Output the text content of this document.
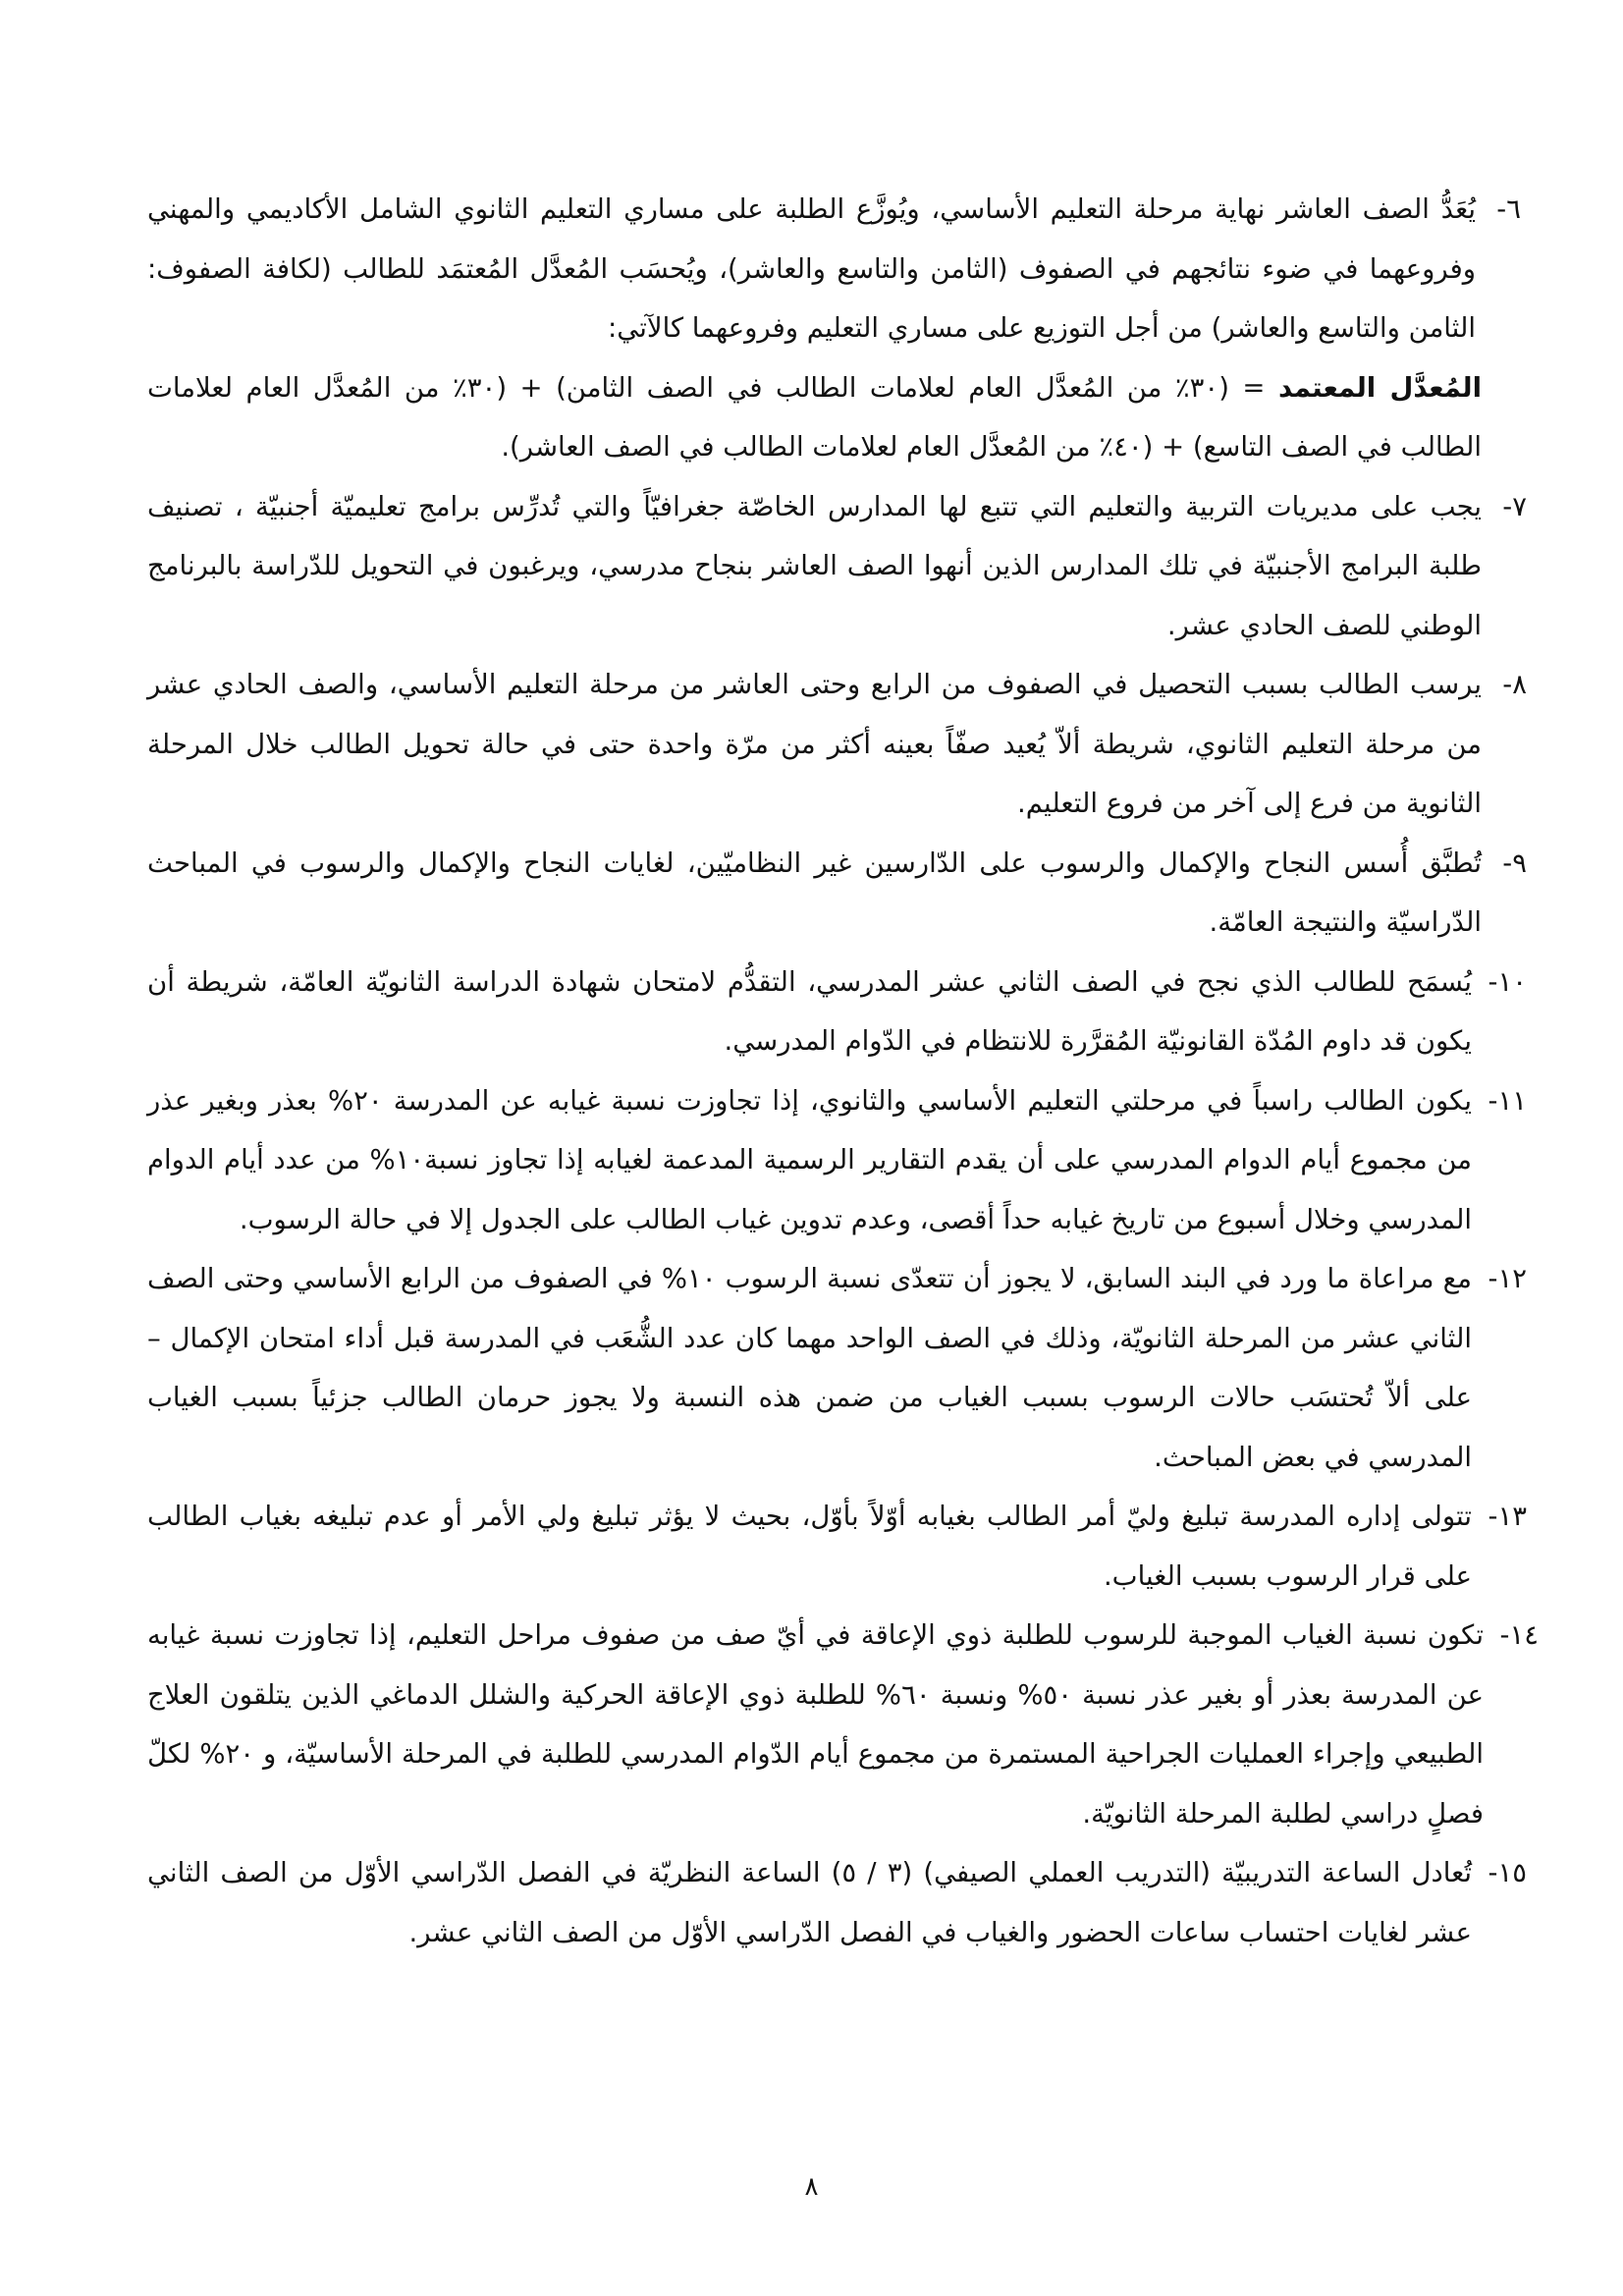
٦-
يُعَدُّ الصف العاشر نهاية مرحلة التعليم الأساسي، ويُوزَّع الطلبة على مساري التعليم الثانوي الشامل الأكاديمي والمهني وفروعهما في ضوء نتائجهم في الصفوف (الثامن والتاسع والعاشر)، ويُحسَب المُعدَّل المُعتمَد للطالب (لكافة الصفوف: الثامن والتاسع والعاشر) من أجل التوزيع على مساري التعليم وفروعهما كالآتي:

المُعدَّل المعتمد = (٣٠٪ من المُعدَّل العام لعلامات الطالب في الصف الثامن) + (٣٠٪ من المُعدَّل العام لعلامات الطالب في الصف التاسع) + (٤٠٪ من المُعدَّل العام لعلامات الطالب في الصف العاشر).

٧-
يجب على مديريات التربية والتعليم التي تتبع لها المدارس الخاصّة جغرافيّاً والتي تُدرِّس برامج تعليميّة أجنبيّة ، تصنيف طلبة البرامج الأجنبيّة في تلك المدارس الذين أنهوا الصف العاشر بنجاح مدرسي، ويرغبون في التحويل للدّراسة بالبرنامج الوطني للصف الحادي عشر.
٨-
يرسب الطالب بسبب التحصيل في الصفوف من الرابع وحتى العاشر من مرحلة التعليم الأساسي، والصف الحادي عشر من مرحلة التعليم الثانوي، شريطة ألاّ يُعيد صفّاً بعينه أكثر من مرّة واحدة حتى في حالة تحويل الطالب خلال المرحلة الثانوية من فرع إلى آخر من فروع التعليم.
٩-
تُطبَّق أُسس النجاح والإكمال والرسوب على الدّارسين غير النظاميّين، لغايات النجاح والإكمال والرسوب في المباحث الدّراسيّة والنتيجة العامّة.
١٠-
يُسمَح للطالب الذي نجح في الصف الثاني عشر المدرسي، التقدُّم لامتحان شهادة الدراسة الثانويّة العامّة، شريطة أن يكون قد داوم المُدّة القانونيّة المُقرَّرة للانتظام في الدّوام المدرسي.
١١-
يكون الطالب راسباً في مرحلتي التعليم الأساسي والثانوي، إذا تجاوزت نسبة غيابه عن المدرسة ٢٠% بعذر وبغير عذر من مجموع أيام الدوام المدرسي على أن يقدم التقارير الرسمية المدعمة لغيابه إذا تجاوز نسبة١٠% من عدد أيام الدوام المدرسي وخلال أسبوع من تاريخ غيابه حداً أقصى، وعدم تدوين غياب الطالب على الجدول إلا في حالة الرسوب.
١٢-
مع مراعاة ما ورد في البند السابق، لا يجوز أن تتعدّى نسبة الرسوب ١٠% في الصفوف من الرابع الأساسي وحتى الصف الثاني عشر من المرحلة الثانويّة، وذلك في الصف الواحد مهما كان عدد الشُّعَب في المدرسة قبل أداء امتحان الإكمال – على ألاّ تُحتسَب حالات الرسوب بسبب الغياب من ضمن هذه النسبة ولا يجوز حرمان الطالب جزئياً بسبب الغياب المدرسي في بعض المباحث.
١٣-
تتولى إداره المدرسة تبليغ وليّ أمر الطالب بغيابه أوّلاً بأوّل، بحيث لا يؤثر تبليغ ولي الأمر أو عدم تبليغه بغياب الطالب على قرار الرسوب بسبب الغياب.
١٤-
تكون نسبة الغياب الموجبة للرسوب للطلبة ذوي الإعاقة في أيّ صف من صفوف مراحل التعليم، إذا تجاوزت نسبة غيابه عن المدرسة بعذر أو بغير عذر نسبة ٥٠% ونسبة ٦٠% للطلبة ذوي الإعاقة الحركية والشلل الدماغي الذين يتلقون العلاج الطبيعي وإجراء العمليات الجراحية المستمرة من مجموع أيام الدّوام المدرسي للطلبة في المرحلة الأساسيّة، و ٢٠% لكلّ فصلٍ دراسي لطلبة المرحلة الثانويّة.
١٥-
تُعادل الساعة التدريبيّة (التدريب العملي الصيفي) (٣ / ٥) الساعة النظريّة في الفصل الدّراسي الأوّل من الصف الثاني عشر لغايات احتساب ساعات الحضور والغياب في الفصل الدّراسي الأوّل من الصف الثاني عشر.
٨
